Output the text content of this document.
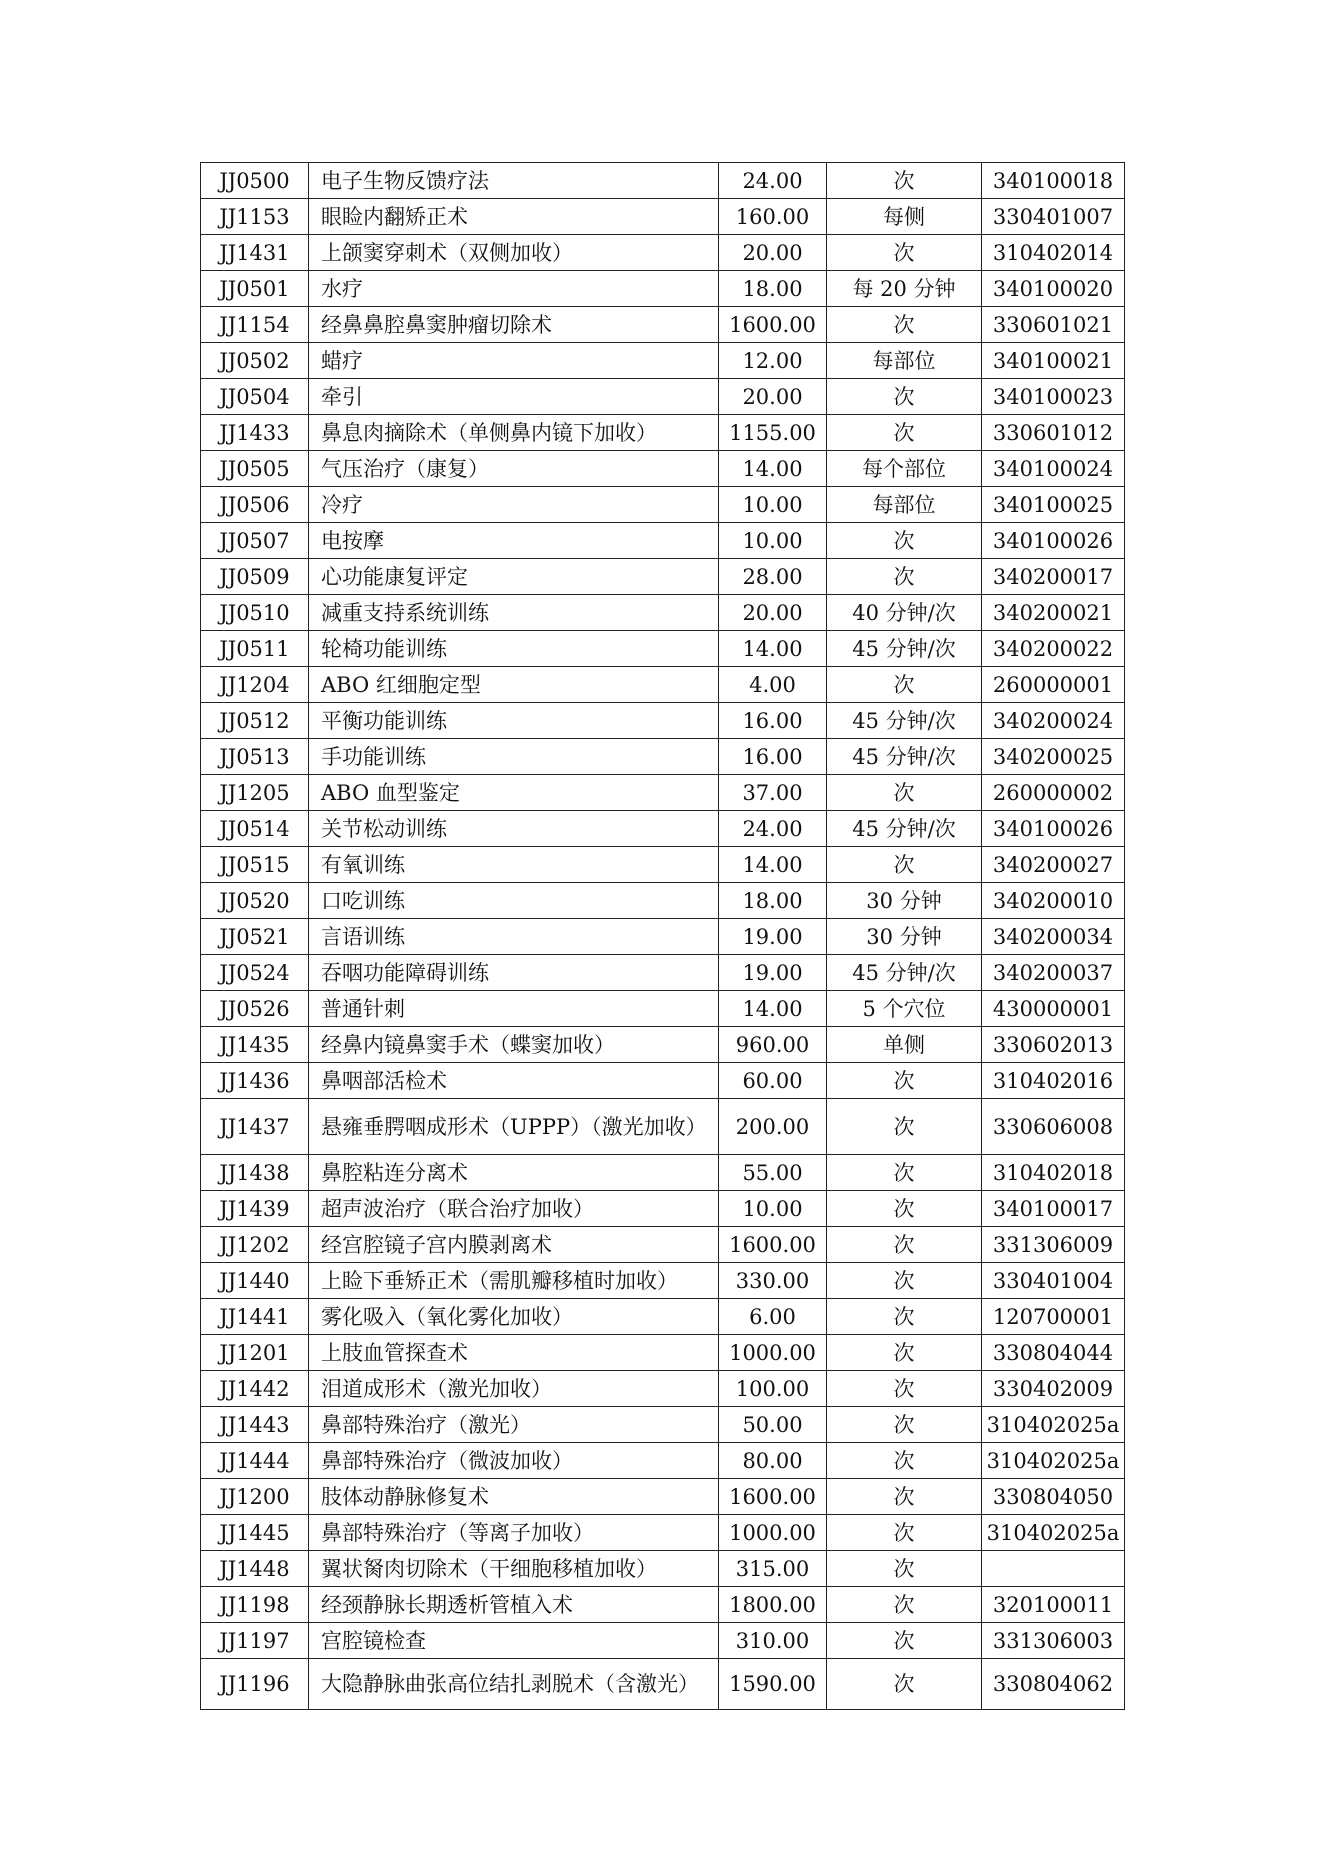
JJ0500	电子生物反馈疗法	24.00	次	340100018
JJ1153	眼睑内翻矫正术	160.00	每侧	330401007
JJ1431	上颌窦穿刺术（双侧加收）	20.00	次	310402014
JJ0501	水疗	18.00	每 20 分钟	340100020
JJ1154	经鼻鼻腔鼻窦肿瘤切除术	1600.00	次	330601021
JJ0502	蜡疗	12.00	每部位	340100021
JJ0504	牵引	20.00	次	340100023
JJ1433	鼻息肉摘除术（单侧鼻内镜下加收）	1155.00	次	330601012
JJ0505	气压治疗（康复）	14.00	每个部位	340100024
JJ0506	冷疗	10.00	每部位	340100025
JJ0507	电按摩	10.00	次	340100026
JJ0509	心功能康复评定	28.00	次	340200017
JJ0510	减重支持系统训练	20.00	40 分钟/次	340200021
JJ0511	轮椅功能训练	14.00	45 分钟/次	340200022
JJ1204	ABO 红细胞定型	4.00	次	260000001
JJ0512	平衡功能训练	16.00	45 分钟/次	340200024
JJ0513	手功能训练	16.00	45 分钟/次	340200025
JJ1205	ABO 血型鉴定	37.00	次	260000002
JJ0514	关节松动训练	24.00	45 分钟/次	340100026
JJ0515	有氧训练	14.00	次	340200027
JJ0520	口吃训练	18.00	30 分钟	340200010
JJ0521	言语训练	19.00	30 分钟	340200034
JJ0524	吞咽功能障碍训练	19.00	45 分钟/次	340200037
JJ0526	普通针刺	14.00	5 个穴位	430000001
JJ1435	经鼻内镜鼻窦手术（蝶窦加收）	960.00	单侧	330602013
JJ1436	鼻咽部活检术	60.00	次	310402016
JJ1437	悬雍垂腭咽成形术（UPPP）（激光加收）	200.00	次	330606008
JJ1438	鼻腔粘连分离术	55.00	次	310402018
JJ1439	超声波治疗（联合治疗加收）	10.00	次	340100017
JJ1202	经宫腔镜子宫内膜剥离术	1600.00	次	331306009
JJ1440	上睑下垂矫正术（需肌瓣移植时加收）	330.00	次	330401004
JJ1441	雾化吸入（氧化雾化加收）	6.00	次	120700001
JJ1201	上肢血管探查术	1000.00	次	330804044
JJ1442	泪道成形术（激光加收）	100.00	次	330402009
JJ1443	鼻部特殊治疗（激光）	50.00	次	310402025a
JJ1444	鼻部特殊治疗（微波加收）	80.00	次	310402025a
JJ1200	肢体动静脉修复术	1600.00	次	330804050
JJ1445	鼻部特殊治疗（等离子加收）	1000.00	次	310402025a
JJ1448	翼状胬肉切除术（干细胞移植加收）	315.00	次	
JJ1198	经颈静脉长期透析管植入术	1800.00	次	320100011
JJ1197	宫腔镜检查	310.00	次	331306003
JJ1196	大隐静脉曲张高位结扎剥脱术（含激光）	1590.00	次	330804062
